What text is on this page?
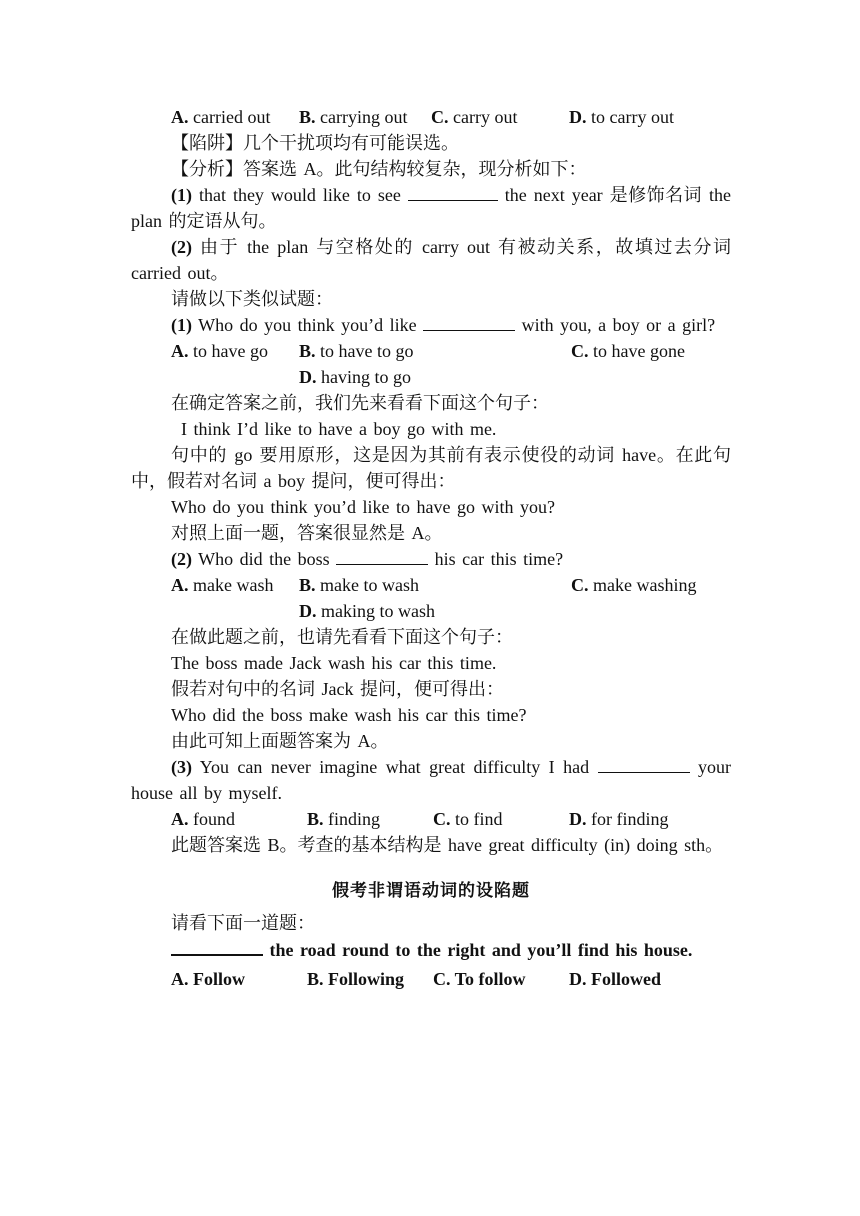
A. carried out	B. carrying out	C. carry out	D. to carry out

【陷阱】几个干扰项均有可能误选。

【分析】答案选 A。此句结构较复杂，现分析如下：

(1) that they would like to see	the next year 是修饰名词 the plan 的定语从句。

(2) 由于 the plan 与空格处的 carry out 有被动关系，故填过去分词 carried out。

请做以下类似试题：

(1) Who do you think you’d like	with you, a boy or a girl?

A. to have go	B. to have to go	C. to have gone
D. having to go

在确定答案之前，我们先来看看下面这个句子：

I think I’d like to have a boy go with me.

句中的 go 要用原形，这是因为其前有表示使役的动词 have。在此句中，假若对名词 a boy 提问，便可得出：

Who do you think you’d like to have go with you?

对照上面一题，答案很显然是 A。

(2) Who did the boss	his car this time?

A. make wash	B. make to wash	C. make washing
D. making to wash

在做此题之前，也请先看看下面这个句子：

The boss made Jack wash his car this time.

假若对句中的名词 Jack 提问，便可得出：

Who did the boss make wash his car this time?

由此可知上面题答案为 A。

(3) You can never imagine what great difficulty I had	your house all by myself.

A. found	B. finding	C. to find	D. for finding

此题答案选 B。考查的基本结构是 have great difficulty (in) doing sth。

假考非谓语动词的设陷题

请看下面一道题：

the road round to the right and you’ll find his house.

A. Follow	B. Following	C. To follow	D. Followed
